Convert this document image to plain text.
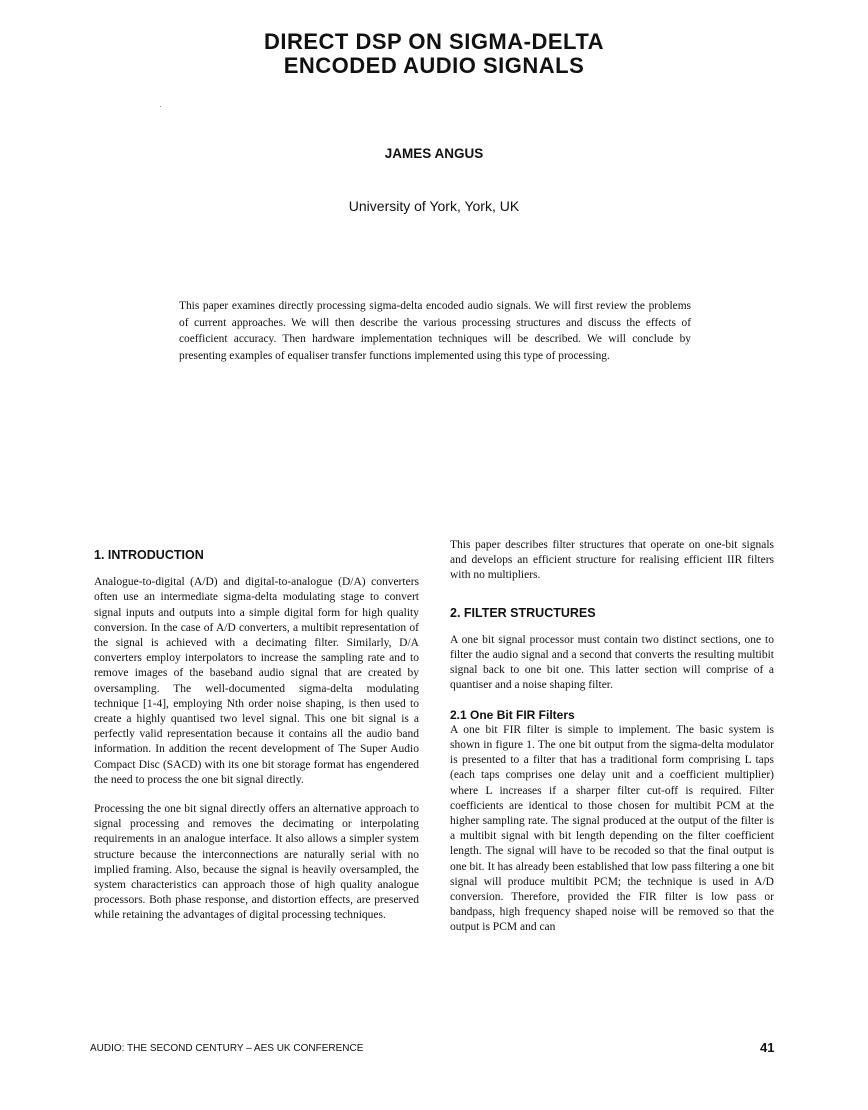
DIRECT DSP ON SIGMA-DELTA
ENCODED AUDIO SIGNALS
JAMES ANGUS
University of York, York, UK

This paper examines directly processing sigma-delta encoded audio signals. We will first review the problems of current approaches. We will then describe the various processing structures and discuss the effects of coefficient accuracy. Then hardware implementation techniques will be described. We will conclude by presenting examples of equaliser transfer functions implemented using this type of processing.

1. INTRODUCTION

Analogue-to-digital (A/D) and digital-to-analogue (D/A) converters often use an intermediate sigma-delta modulating stage to convert signal inputs and outputs into a simple digital form for high quality conversion. In the case of A/D converters, a multibit representation of the signal is achieved with a decimating filter. Similarly, D/A converters employ interpolators to increase the sampling rate and to remove images of the baseband audio signal that are created by oversampling. The well-documented sigma-delta modulating technique [1-4], employing Nth order noise shaping, is then used to create a highly quantised two level signal. This one bit signal is a perfectly valid representation because it contains all the audio band information. In addition the recent development of The Super Audio Compact Disc (SACD) with its one bit storage format has engendered the need to process the one bit signal directly.

Processing the one bit signal directly offers an alternative approach to signal processing and removes the decimating or interpolating requirements in an analogue interface. It also allows a simpler system structure because the interconnections are naturally serial with no implied framing. Also, because the signal is heavily oversampled, the system characteristics can approach those of high quality analogue processors. Both phase response, and distortion effects, are preserved while retaining the advantages of digital processing techniques.

This paper describes filter structures that operate on one-bit signals and develops an efficient structure for realising efficient IIR filters with no multipliers.

2. FILTER STRUCTURES

A one bit signal processor must contain two distinct sections, one to filter the audio signal and a second that converts the resulting multibit signal back to one bit one. This latter section will comprise of a quantiser and a noise shaping filter.

2.1 One Bit FIR Filters

A one bit FIR filter is simple to implement. The basic system is shown in figure 1. The one bit output from the sigma-delta modulator is presented to a filter that has a traditional form comprising L taps (each taps comprises one delay unit and a coefficient multiplier) where L increases if a sharper filter cut-off is required. Filter coefficients are identical to those chosen for multibit PCM at the higher sampling rate. The signal produced at the output of the filter is a multibit signal with bit length depending on the filter coefficient length. The signal will have to be recoded so that the final output is one bit. It has already been established that low pass filtering a one bit signal will produce multibit PCM; the technique is used in A/D conversion. Therefore, provided the FIR filter is low pass or bandpass, high frequency shaped noise will be removed so that the output is PCM and can

AUDIO: THE SECOND CENTURY – AES UK CONFERENCE	41
